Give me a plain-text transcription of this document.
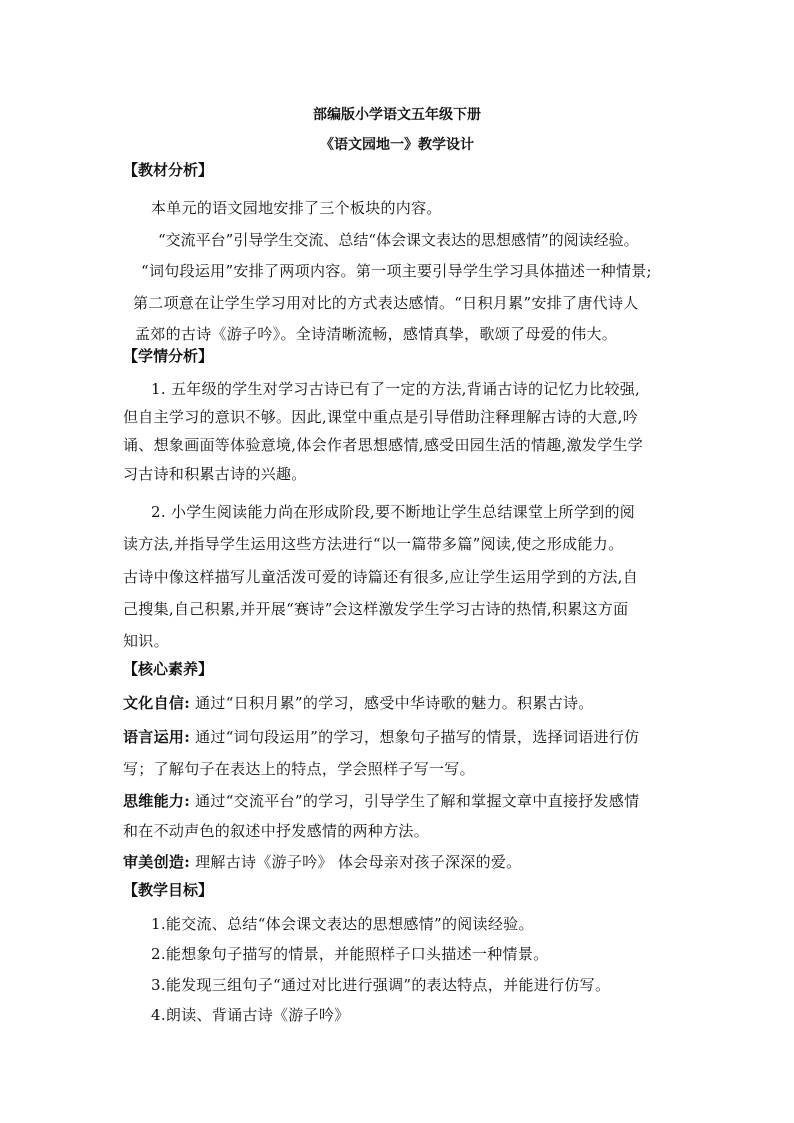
部编版小学语文五年级下册
《语文园地一》教学设计
【教材分析】
本单元的语文园地安排了三个板块的内容。
“交流平台”引导学生交流、总结“体会课文表达的思想感情”的阅读经验。
“词句段运用”安排了两项内容。第一项主要引导学生学习具体描述一种情景;
第二项意在让学生学习用对比的方式表达感情。“日积月累”安排了唐代诗人
孟郊的古诗《游子吟》。全诗清晰流畅，感情真挚，歌颂了母爱的伟大。
【学情分析】
1. 五年级的学生对学习古诗已有了一定的方法,背诵古诗的记忆力比较强,
但自主学习的意识不够。因此,课堂中重点是引导借助注释理解古诗的大意,吟
诵、想象画面等体验意境,体会作者思想感情,感受田园生活的情趣,激发学生学
习古诗和积累古诗的兴趣。
2. 小学生阅读能力尚在形成阶段,要不断地让学生总结课堂上所学到的阅
读方法,并指导学生运用这些方法进行“以一篇带多篇”阅读,使之形成能力。
古诗中像这样描写儿童活泼可爱的诗篇还有很多,应让学生运用学到的方法,自
己搜集,自己积累,并开展“赛诗”会这样激发学生学习古诗的热情,积累这方面
知识。
【核心素养】
文化自信: 通过“日积月累”的学习，感受中华诗歌的魅力。积累古诗。
语言运用: 通过“词句段运用”的学习，想象句子描写的情景，选择词语进行仿
写；了解句子在表达上的特点，学会照样子写一写。
思维能力: 通过“交流平台”的学习，引导学生了解和掌握文章中直接抒发感情
和在不动声色的叙述中抒发感情的两种方法。
审美创造: 理解古诗《游子吟》 体会母亲对孩子深深的爱。
【教学目标】
1.能交流、总结“体会课文表达的思想感情”的阅读经验。
2.能想象句子描写的情景，并能照样子口头描述一种情景。
3.能发现三组句子“通过对比进行强调”的表达特点，并能进行仿写。
4.朗读、背诵古诗《游子吟》
